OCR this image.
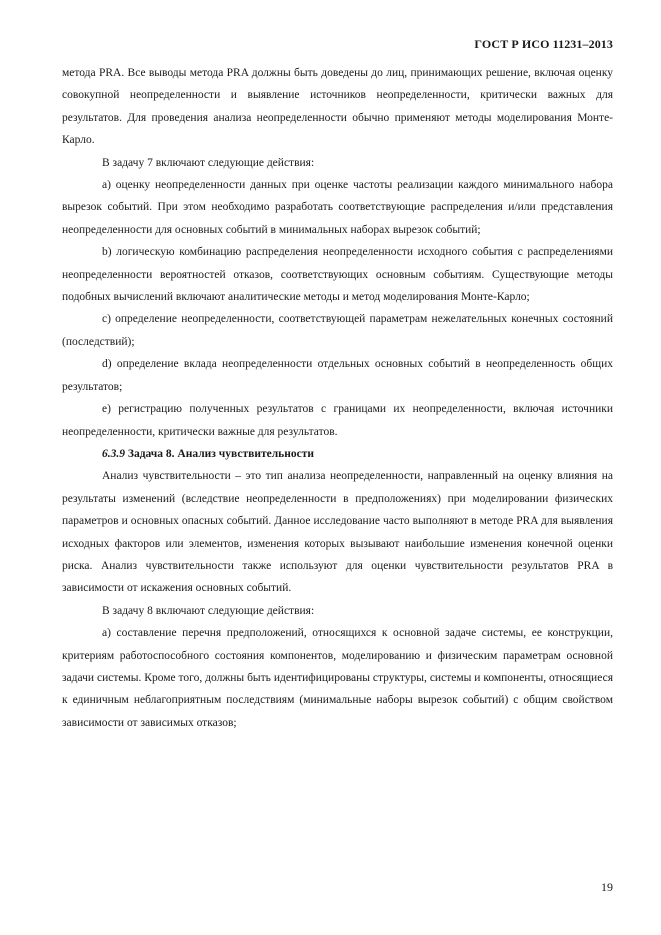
ГОСТ Р ИСО 11231–2013

метода PRA. Все выводы метода PRA должны быть доведены до лиц, принимающих решение, включая оценку совокупной неопределенности и выявление источников неопределенности, критически важных для результатов. Для проведения анализа неопределенности обычно применяют методы моделирования Монте-Карло.

В задачу 7 включают следующие действия:

а) оценку неопределенности данных при оценке частоты реализации каждого минимального набора вырезок событий. При этом необходимо разработать соответствующие распределения и/или представления неопределенности для основных событий в минимальных наборах вырезок событий;

b) логическую комбинацию распределения неопределенности исходного события с распределениями неопределенности вероятностей отказов, соответствующих основным событиям. Существующие методы подобных вычислений включают аналитические методы и метод моделирования Монте-Карло;

с) определение неопределенности, соответствующей параметрам нежелательных конечных состояний (последствий);

d) определение вклада неопределенности отдельных основных событий в неопределенность общих результатов;

е) регистрацию полученных результатов с границами их неопределенности, включая источники неопределенности, критически важные для результатов.

6.3.9 Задача 8. Анализ чувствительности

Анализ чувствительности – это тип анализа неопределенности, направленный на оценку влияния на результаты изменений (вследствие неопределенности в предположениях) при моделировании физических параметров и основных опасных событий. Данное исследование часто выполняют в методе PRA для выявления исходных факторов или элементов, изменения которых вызывают наибольшие изменения конечной оценки риска. Анализ чувствительности также используют для оценки чувствительности результатов PRA в зависимости от искажения основных событий.

В задачу 8 включают следующие действия:

а) составление перечня предположений, относящихся к основной задаче системы, ее конструкции, критериям работоспособного состояния компонентов, моделированию и физическим параметрам основной задачи системы. Кроме того, должны быть идентифицированы структуры, системы и компоненты, относящиеся к единичным неблагоприятным последствиям (минимальные наборы вырезок событий) с общим свойством зависимости от зависимых отказов;

19
